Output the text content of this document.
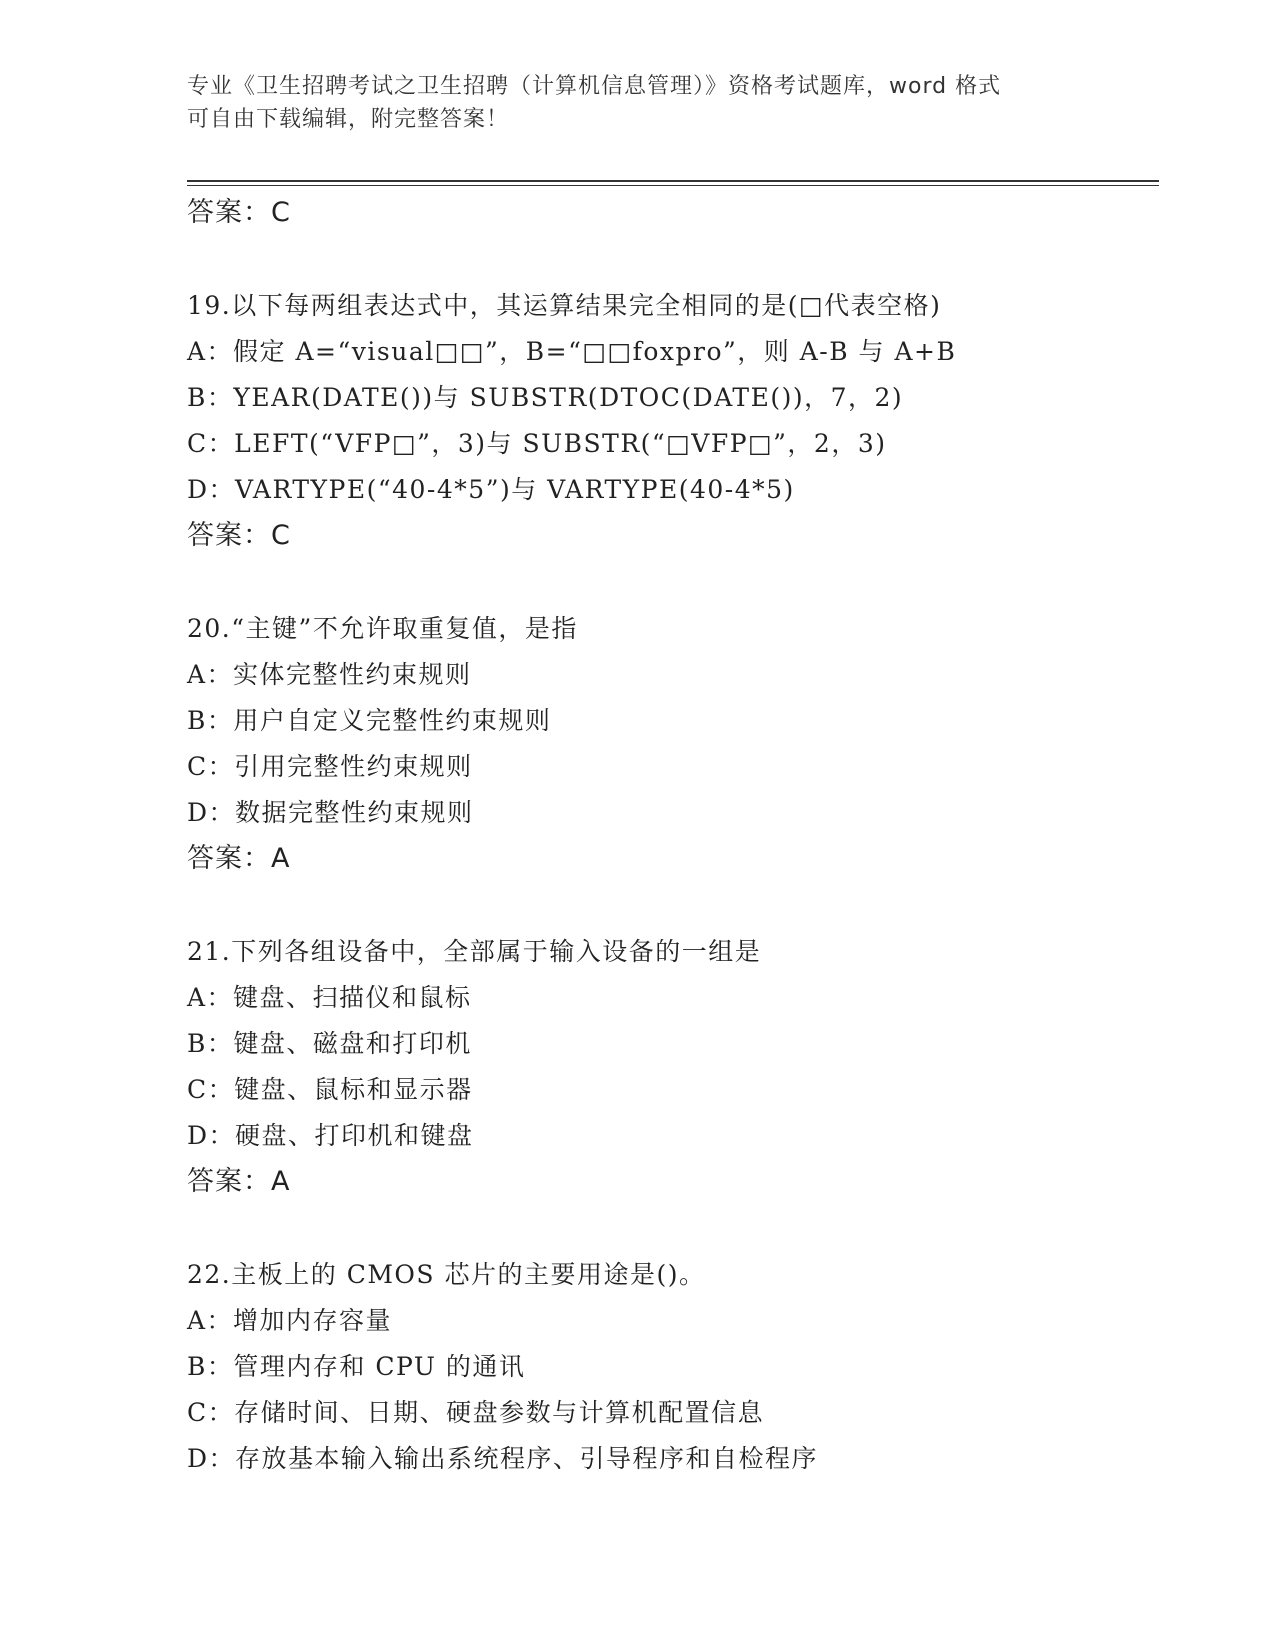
专业《卫生招聘考试之卫生招聘（计算机信息管理）》资格考试题库，word 格式
可自由下载编辑，附完整答案！
答案：C
19.以下每两组表达式中，其运算结果完全相同的是(□代表空格)
A：假定 A=“visual□□”，B=“□□foxpro”，则 A-B 与 A+B
B：YEAR(DATE())与 SUBSTR(DTOC(DATE())，7，2)
C：LEFT(“VFP□”，3)与 SUBSTR(“□VFP□”，2，3)
D：VARTYPE(“40-4*5”)与 VARTYPE(40-4*5)
答案：C
20.“主键”不允许取重复值，是指
A：实体完整性约束规则
B：用户自定义完整性约束规则
C：引用完整性约束规则
D：数据完整性约束规则
答案：A
21.下列各组设备中，全部属于输入设备的一组是
A：键盘、扫描仪和鼠标
B：键盘、磁盘和打印机
C：键盘、鼠标和显示器
D：硬盘、打印机和键盘
答案：A
22.主板上的 CMOS 芯片的主要用途是()。
A：增加内存容量
B：管理内存和 CPU 的通讯
C：存储时间、日期、硬盘参数与计算机配置信息
D：存放基本输入输出系统程序、引导程序和自检程序
